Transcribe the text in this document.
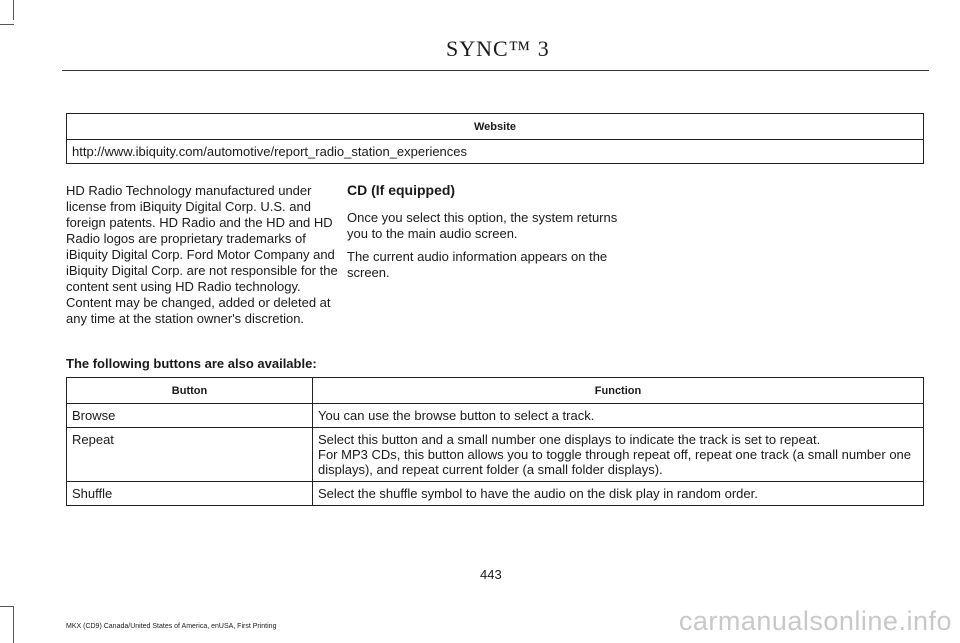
SYNC™ 3
Website
http://www.ibiquity.com/automotive/report_radio_station_experiences
HD Radio Technology manufactured under license from iBiquity Digital Corp. U.S. and foreign patents. HD Radio and the HD and HD Radio logos are proprietary trademarks of iBiquity Digital Corp. Ford Motor Company and iBiquity Digital Corp. are not responsible for the content sent using HD Radio technology. Content may be changed, added or deleted at any time at the station owner's discretion.
CD (If equipped)
Once you select this option, the system returns you to the main audio screen.
The current audio information appears on the screen.
The following buttons are also available:
Button	Function
Browse	You can use the browse button to select a track.

Repeat	Select this button and a small number one displays to indicate the track is set to repeat.
For MP3 CDs, this button allows you to toggle through repeat off, repeat one track (a small number one displays), and repeat current folder (a small folder displays).

Shuffle	Select the shuffle symbol to have the audio on the disk play in random order.
443
MKX (CD9) Canada/United States of America, enUSA, First Printing	carmanualsonline.info
